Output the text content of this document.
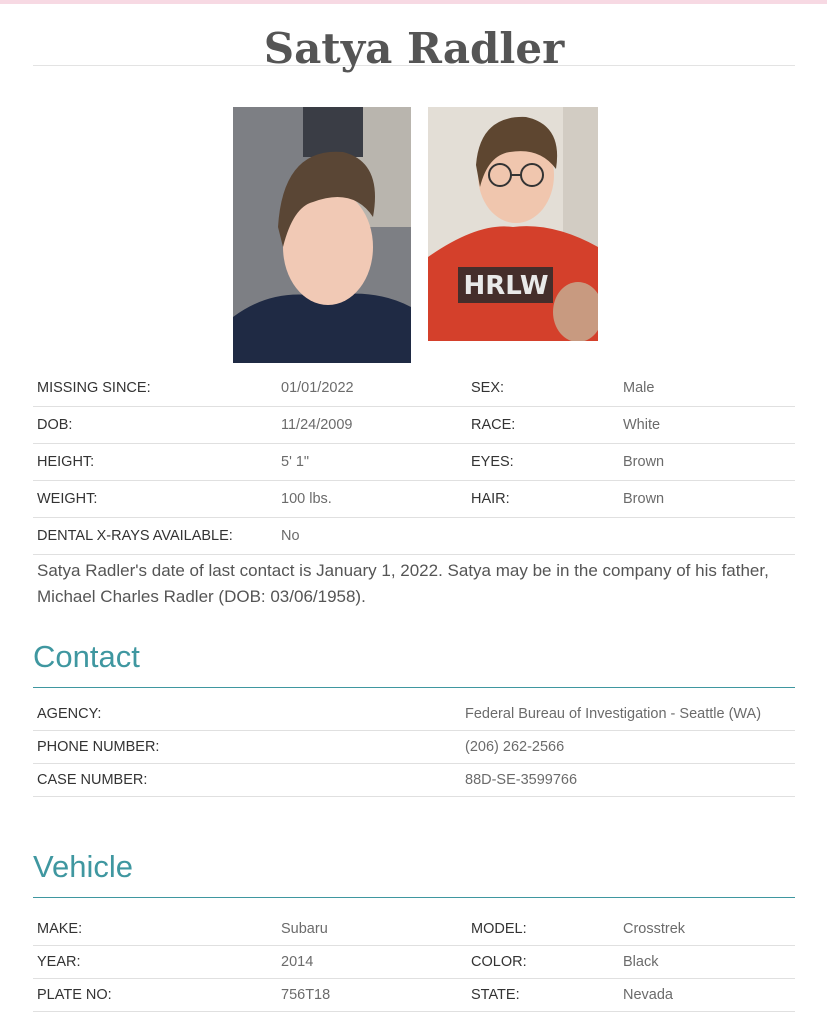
Satya Radler
HRLW
MISSING SINCE:	01/01/2022	SEX:	Male
DOB:	11/24/2009	RACE:	White
HEIGHT:	5' 1"	EYES:	Brown
WEIGHT:	100 lbs.	HAIR:	Brown
DENTAL X-RAYS AVAILABLE:	No		

Satya Radler's date of last contact is January 1, 2022. Satya may be in the company of his father, Michael Charles Radler (DOB: 03/06/1958).

Contact
AGENCY:	Federal Bureau of Investigation - Seattle (WA)
PHONE NUMBER:	(206) 262-2566
CASE NUMBER:	88D-SE-3599766
Vehicle
MAKE:	Subaru	MODEL:	Crosstrek
YEAR:	2014	COLOR:	Black
PLATE NO:	756T18	STATE:	Nevada
